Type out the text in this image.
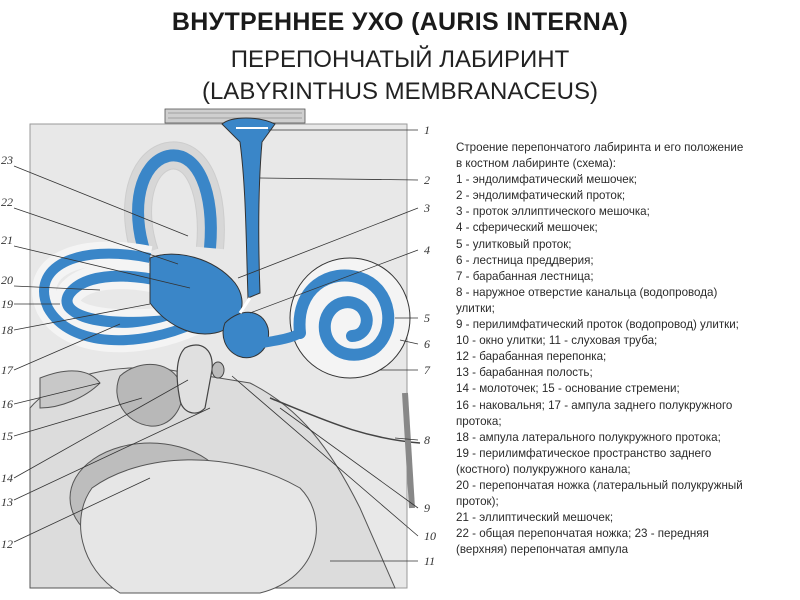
ВНУТРЕННЕЕ УХО (AURIS INTERNA)
ПЕРЕПОНЧАТЫЙ ЛАБИРИНТ
(LABYRINTHUS MEMBRANACEUS)
1
2
3
4
5
6
7
8
9
10
11
23
22
21
20
19
18
17
16
15
14
13
12
Строение перепончатого лабиринта и его положение
в костном лабиринте (схема):
1 - эндолимфатический мешочек;
2 - эндолимфатический проток;
3 - проток эллиптического мешочка;
4 - сферический мешочек;
5 - улитковый проток;
6 - лестница преддверия;
7 - барабанная лестница;
8 - наружное отверстие канальца (водопровода)
улитки;
9 - перилимфатический проток (водопровод) улитки;
10 - окно улитки; 11 - слуховая труба;
12 - барабанная перепонка;
13 - барабанная полость;
14 - молоточек; 15 - основание стремени;
16 - наковальня; 17 - ампула заднего полукружного
протока;
18 - ампула латерального полукружного протока;
19 - перилимфатическое пространство заднего
(костного) полукружного канала;
20 - перепончатая ножка (латеральный полукружный
проток);
21 - эллиптический мешочек;
22 - общая перепончатая ножка; 23 - передняя
(верхняя) перепончатая ампула
